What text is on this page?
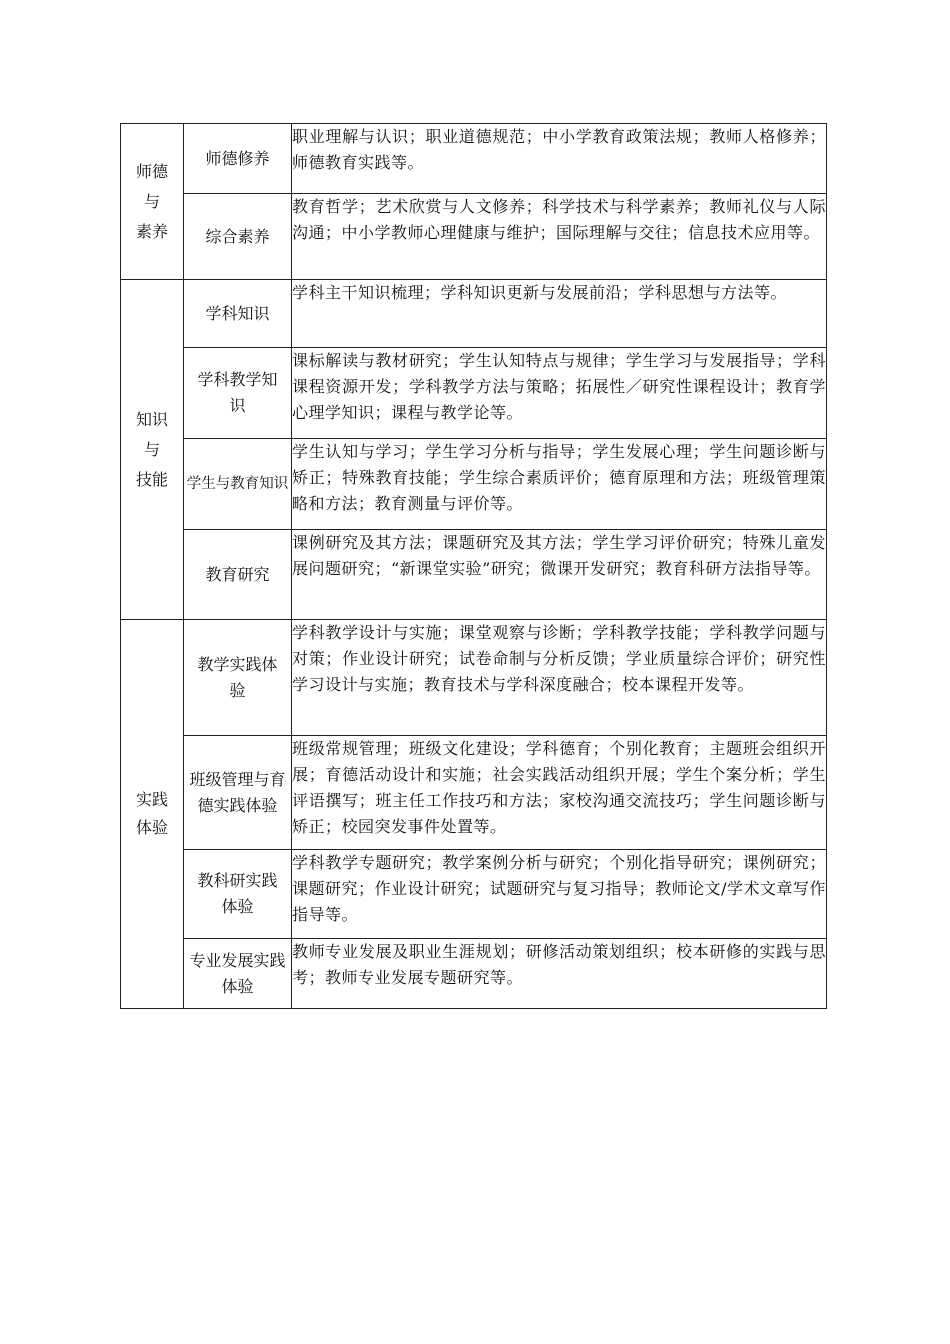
师德
与
素养	师德修养	职业理解与认识；职业道德规范；中小学教育政策法规；教师人格修养；师德教育实践等。

	综合素养	教育哲学；艺术欣赏与人文修养；科学技术与科学素养；教师礼仪与人际沟通；中小学教师心理健康与维护；国际理解与交往；信息技术应用等。

知识
与
技能	学科知识	学科主干知识梳理；学科知识更新与发展前沿；学科思想与方法等。

	学科教学知识	课标解读与教材研究；学生认知特点与规律；学生学习与发展指导；学科课程资源开发；学科教学方法与策略；拓展性／研究性课程设计；教育学心理学知识；课程与教学论等。

	学生与教育知识	学生认知与学习；学生学习分析与指导；学生发展心理；学生问题诊断与矫正；特殊教育技能；学生综合素质评价；德育原理和方法；班级管理策略和方法；教育测量与评价等。

	教育研究	课例研究及其方法；课题研究及其方法；学生学习评价研究；特殊儿童发展问题研究；“新课堂实验”研究；微课开发研究；教育科研方法指导等。

实践
体验	教学实践体验	学科教学设计与实施；课堂观察与诊断；学科教学技能；学科教学问题与对策；作业设计研究；试卷命制与分析反馈；学业质量综合评价；研究性学习设计与实施；教育技术与学科深度融合；校本课程开发等。

	班级管理与育德实践体验	班级常规管理；班级文化建设；学科德育；个别化教育；主题班会组织开展；育德活动设计和实施；社会实践活动组织开展；学生个案分析；学生评语撰写；班主任工作技巧和方法；家校沟通交流技巧；学生问题诊断与矫正；校园突发事件处置等。

	教科研实践体验	学科教学专题研究；教学案例分析与研究；个别化指导研究；课例研究；课题研究；作业设计研究；试题研究与复习指导；教师论文/学术文章写作指导等。

	专业发展实践体验	教师专业发展及职业生涯规划；研修活动策划组织；校本研修的实践与思考；教师专业发展专题研究等。
